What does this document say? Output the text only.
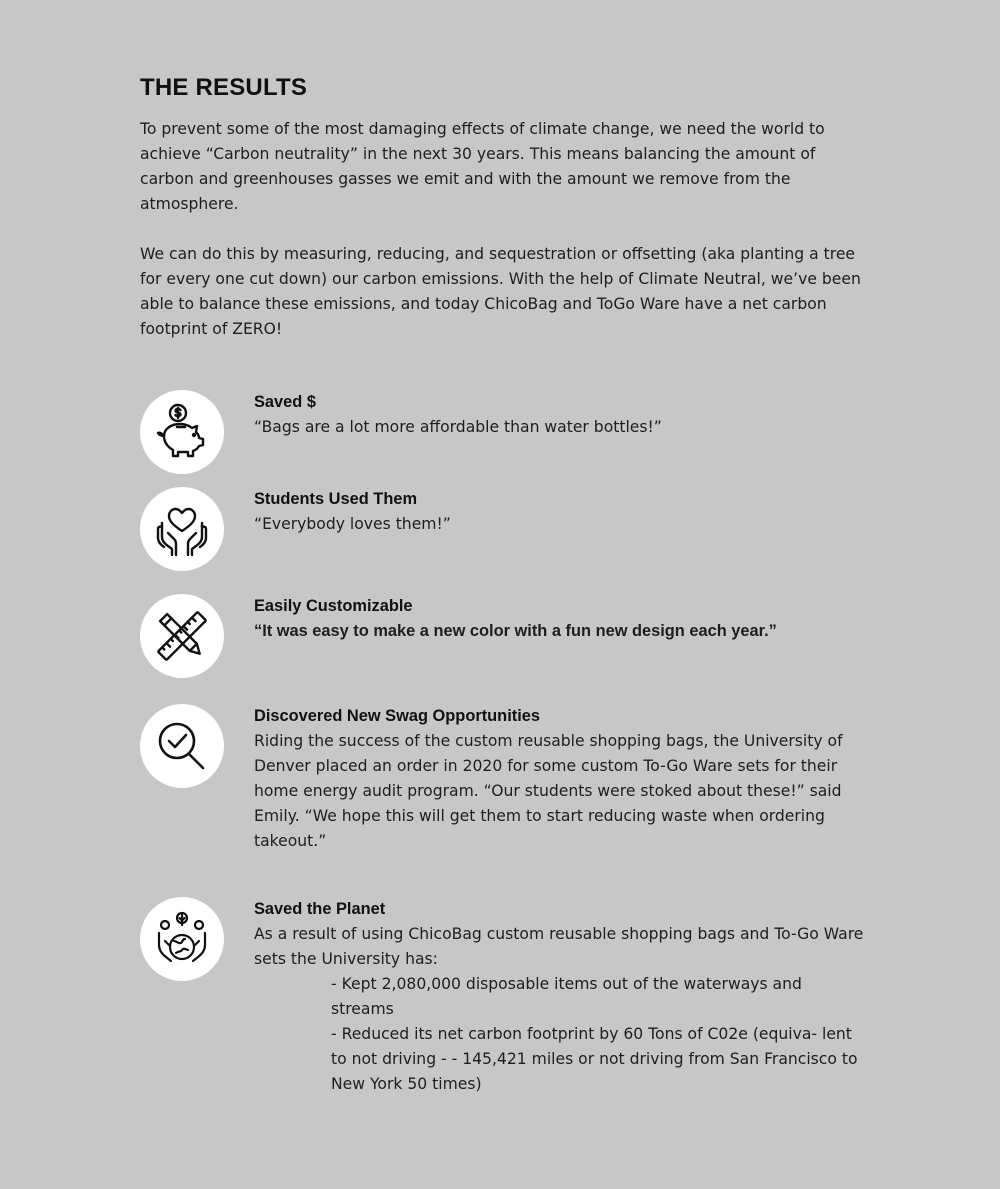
THE RESULTS

To prevent some of the most damaging effects of climate change, we need the world to achieve “Carbon neutrality” in the next 30 years. This means balancing the amount of carbon and greenhouses gasses we emit and with the amount we remove from the atmosphere.

We can do this by measuring, reducing, and sequestration or offsetting (aka planting a tree for every one cut down) our carbon emissions. With the help of Climate Neutral, we’ve been able to balance these emissions, and today ChicoBag and ToGo Ware have a net carbon footprint of ZERO!

Saved $

“Bags are a lot more affordable than water bottles!”

Students Used Them

“Everybody loves them!”

Easily Customizable

“It was easy to make a new color with a fun new design each year.”

Discovered New Swag Opportunities

Riding the success of the custom reusable shopping bags, the University of Denver placed an order in 2020 for some custom To-Go Ware sets for their home energy audit program. “Our students were stoked about these!” said Emily. “We hope this will get them to start reducing waste when ordering takeout.”

Saved the Planet

As a result of using ChicoBag custom reusable shopping bags and To-Go Ware sets the University has:

- Kept 2,080,000 disposable items out of the waterways and streams
- Reduced its net carbon footprint by 60 Tons of C02e (equiva- lent to not driving - - 145,421 miles or not driving from San Francisco to New York 50 times)
